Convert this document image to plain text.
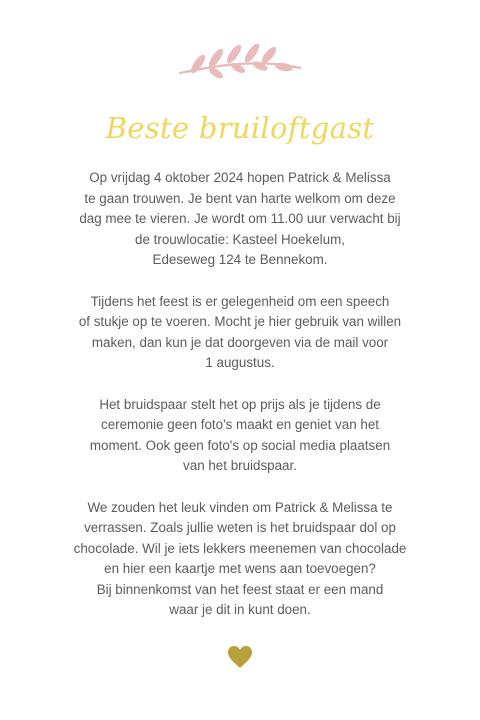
Beste bruiloftgast

Op vrijdag 4 oktober 2024 hopen Patrick & Melissa
te gaan trouwen. Je bent van harte welkom om deze
dag mee te vieren. Je wordt om 11.00 uur verwacht bij
de trouwlocatie: Kasteel Hoekelum,
Edeseweg 124 te Bennekom.

Tijdens het feest is er gelegenheid om een speech
of stukje op te voeren. Mocht je hier gebruik van willen
maken, dan kun je dat doorgeven via de mail voor
1 augustus.

Het bruidspaar stelt het op prijs als je tijdens de
ceremonie geen foto's maakt en geniet van het
moment. Ook geen foto's op social media plaatsen
van het bruidspaar.

We zouden het leuk vinden om Patrick & Melissa te
verrassen. Zoals jullie weten is het bruidspaar dol op
chocolade. Wil je iets lekkers meenemen van chocolade
en hier een kaartje met wens aan toevoegen?
Bij binnenkomst van het feest staat er een mand
waar je dit in kunt doen.
